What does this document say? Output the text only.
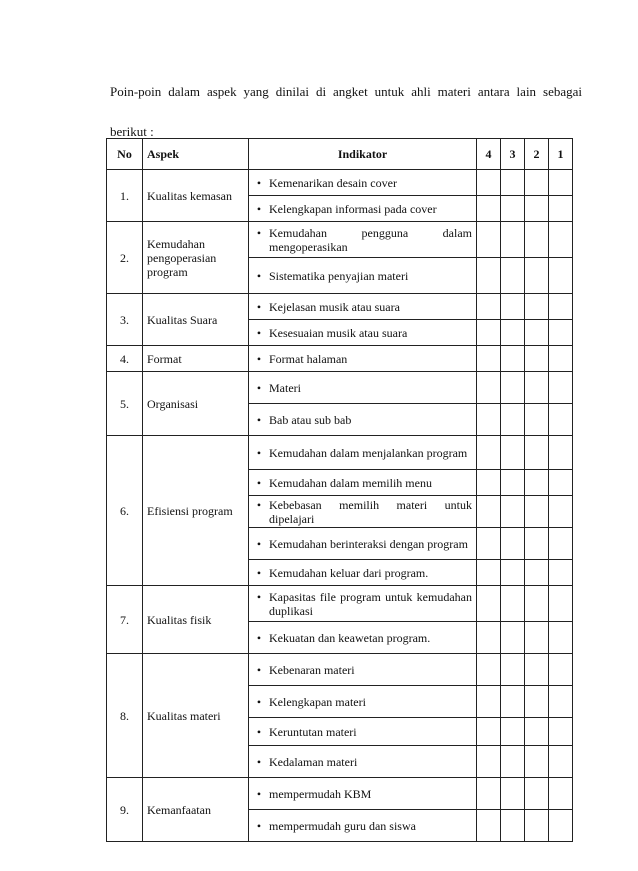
Poin-poin dalam aspek yang dinilai di angket untuk ahli materi antara lain sebagai
berikut :
No	Aspek	Indikator	4	3	2	1
1.	Kualitas kemasan	• Kemenarikan desain cover				

		• Kelengkapan informasi pada cover				

2.	Kemudahan pengoperasian program	• Kemudahan pengguna dalam mengoperasikan				

		• Sistematika penyajian materi				

3.	Kualitas Suara	• Kejelasan musik atau suara				

		• Kesesuaian musik atau suara				

4.	Format	• Format halaman				

5.	Organisasi	• Materi				

		• Bab atau sub bab				

6.	Efisiensi program	• Kemudahan dalam menjalankan program				

		• Kemudahan dalam memilih menu				

		• Kebebasan memilih materi untuk dipelajari				

		• Kemudahan berinteraksi dengan program				

		• Kemudahan keluar dari program.				

7.	Kualitas fisik	• Kapasitas file program untuk kemudahan duplikasi				

		• Kekuatan dan keawetan program.				

8.	Kualitas materi	• Kebenaran materi				

		• Kelengkapan materi				

		• Keruntutan materi				

		• Kedalaman materi				

9.	Kemanfaatan	• mempermudah KBM				

		• mempermudah guru dan siswa				
